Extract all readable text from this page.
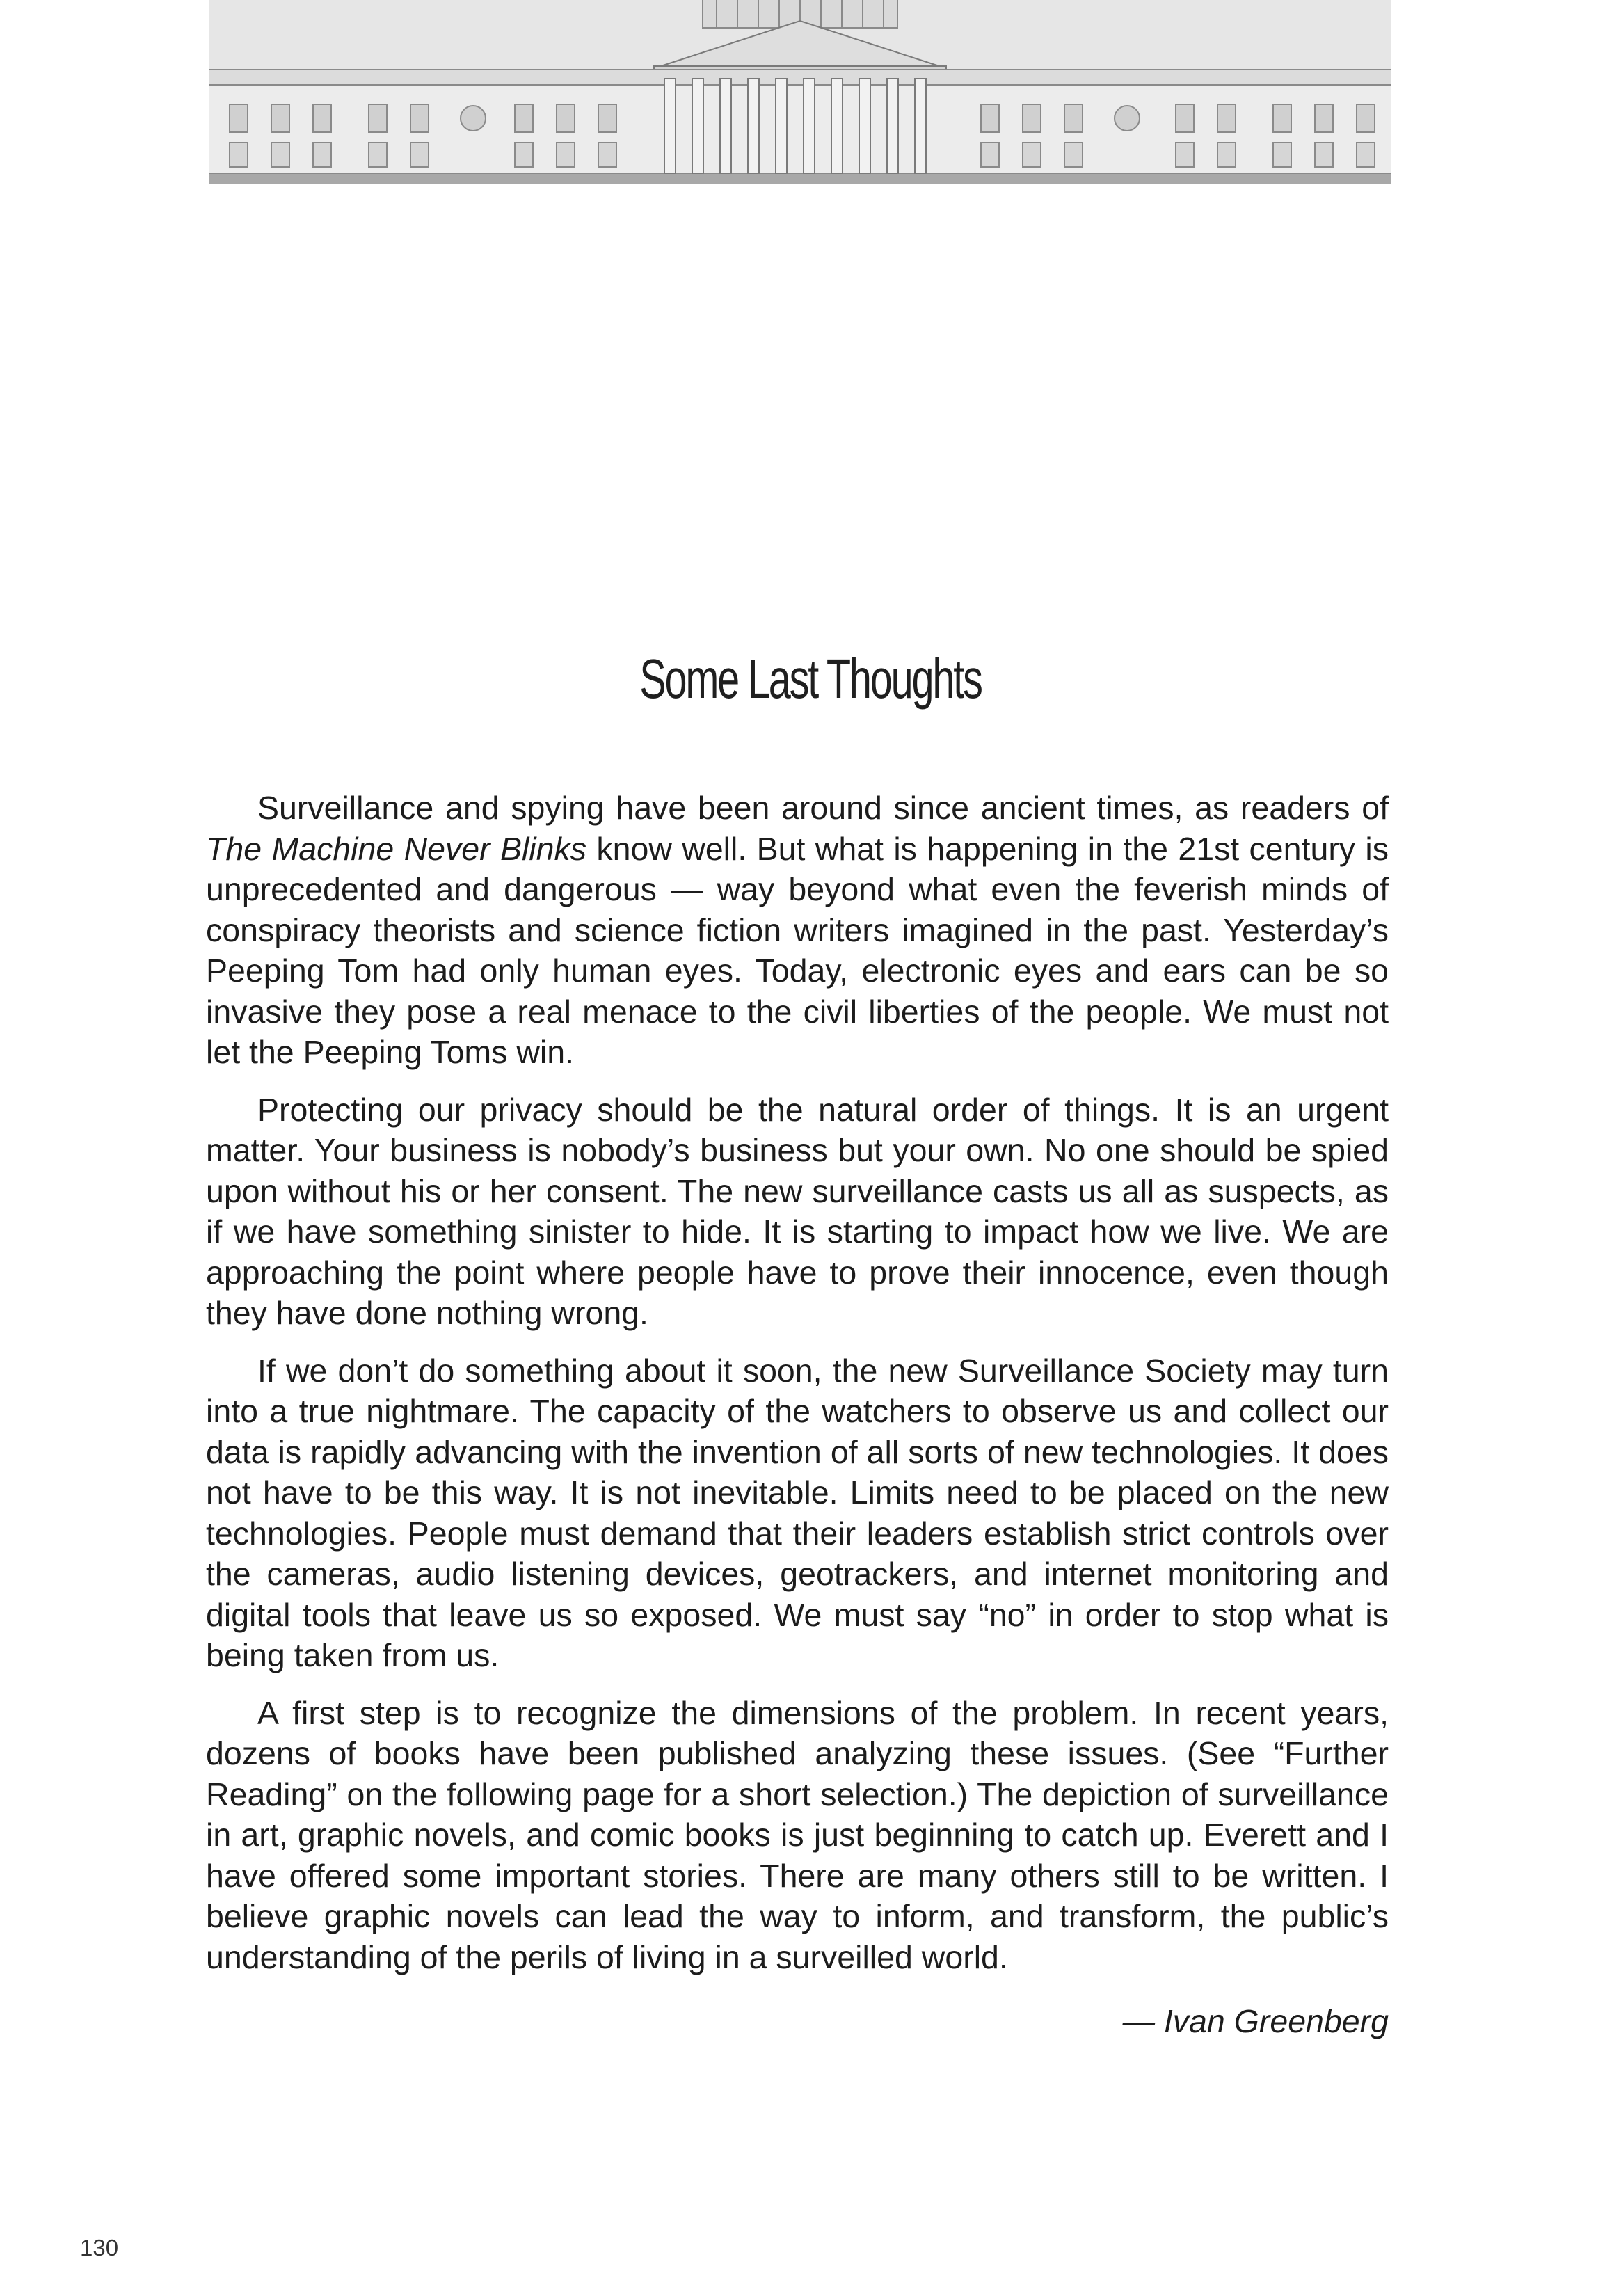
Some Last Thoughts

Surveillance and spying have been around since ancient times, as readers of The Machine Never Blinks know well. But what is happening in the 21st century is unprecedented and dangerous — way beyond what even the feverish minds of conspiracy theorists and science fiction writers imagined in the past. Yesterday’s Peeping Tom had only human eyes. Today, electronic eyes and ears can be so invasive they pose a real menace to the civil liberties of the people. We must not let the Peeping Toms win.

Protecting our privacy should be the natural order of things. It is an urgent matter. Your business is nobody’s business but your own. No one should be spied upon without his or her consent. The new surveillance casts us all as suspects, as if we have something sinister to hide. It is starting to impact how we live. We are approaching the point where people have to prove their innocence, even though they have done nothing wrong.

If we don’t do something about it soon, the new Surveillance Society may turn into a true nightmare. The capacity of the watchers to observe us and collect our data is rapidly advancing with the invention of all sorts of new technologies. It does not have to be this way. It is not inevitable. Limits need to be placed on the new technologies. People must demand that their leaders establish strict controls over the cameras, audio listening devices, geotrackers, and internet monitoring and digital tools that leave us so exposed. We must say “no” in order to stop what is being taken from us.

A first step is to recognize the dimensions of the problem. In recent years, dozens of books have been published analyzing these issues. (See “Further Reading” on the following page for a short selection.) The depiction of surveillance in art, graphic novels, and comic books is just beginning to catch up. Everett and I have offered some important stories. There are many others still to be written. I believe graphic novels can lead the way to inform, and transform, the public’s understanding of the perils of living in a surveilled world.

— Ivan Greenberg
130
